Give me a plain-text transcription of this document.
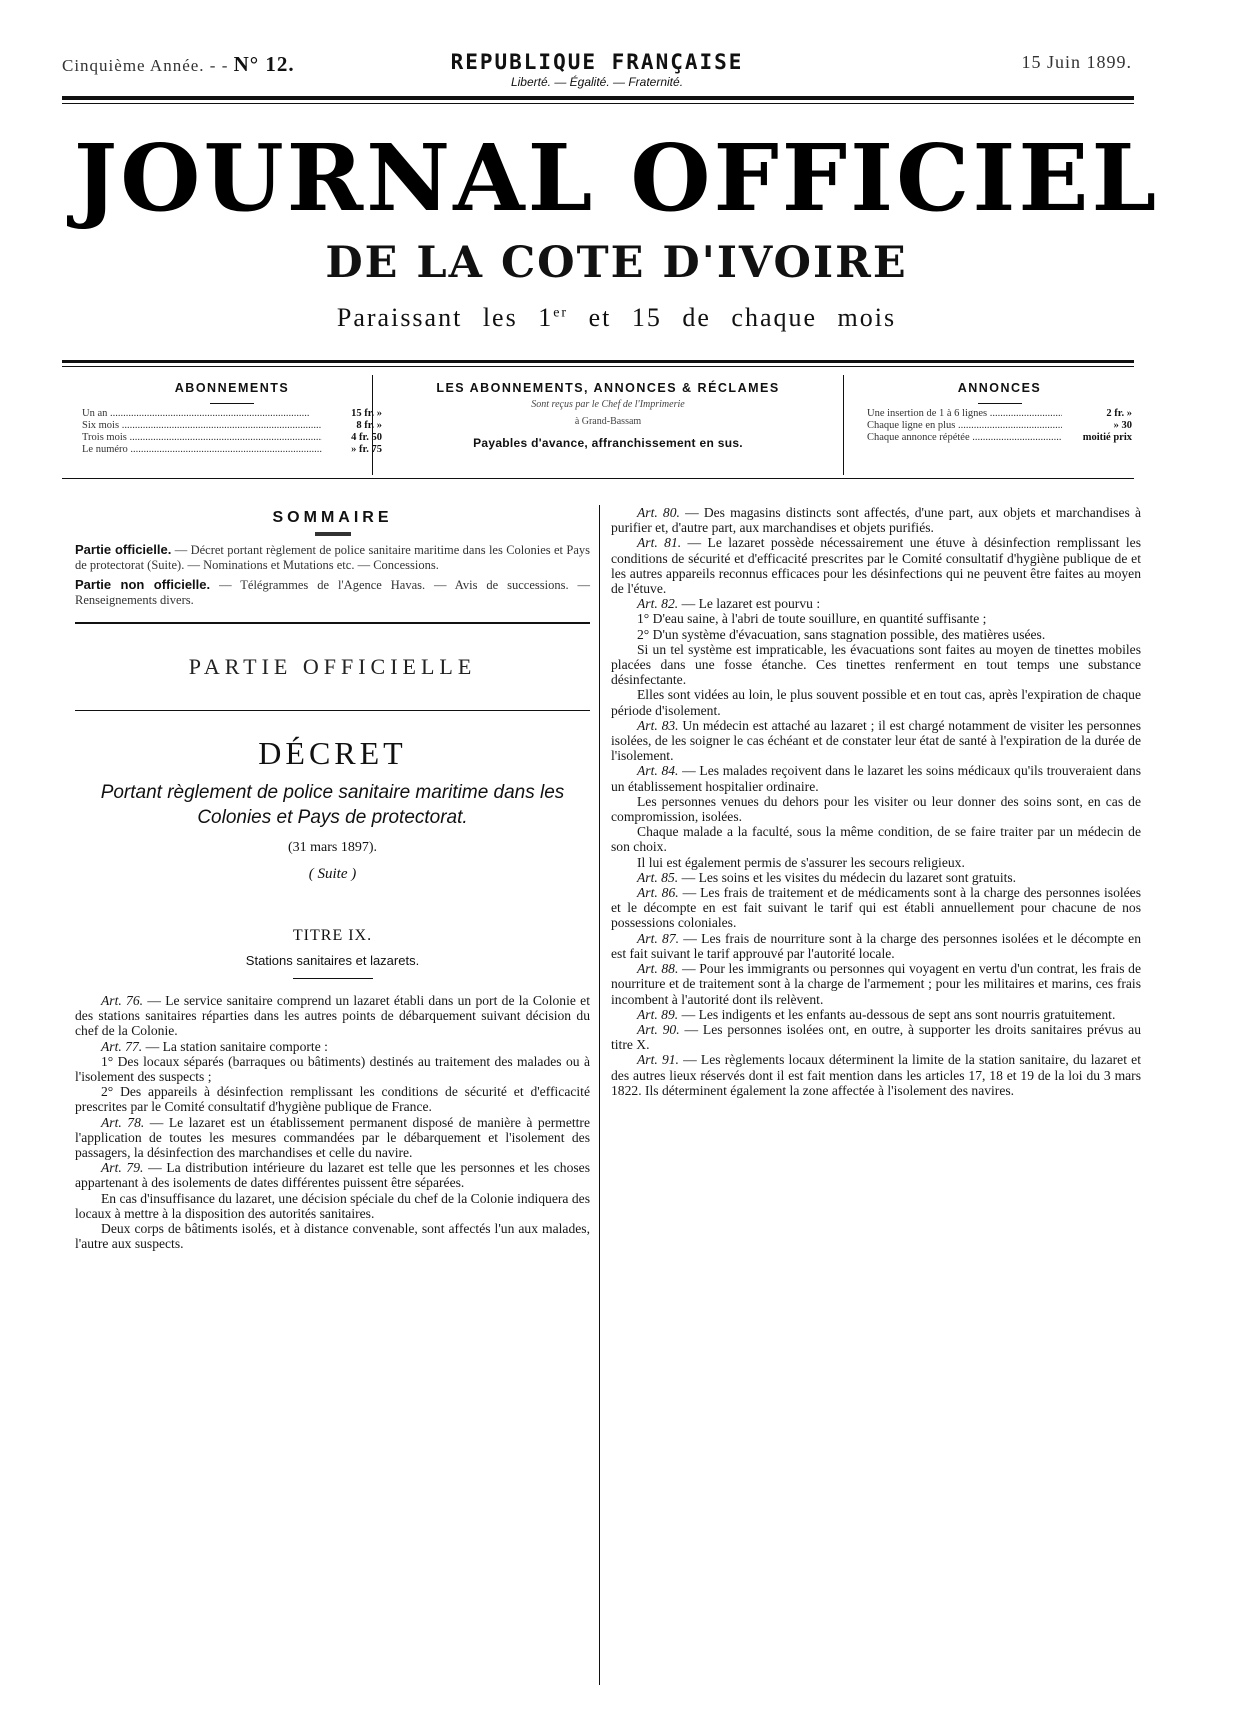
Cinquième Année. - - N° 12.	REPUBLIQUE FRANÇAISE
Liberté. — Égalité. — Fraternité.
15 Juin 1899.
JOURNAL OFFICIEL
DE LA COTE D'IVOIRE
Paraissant les 1er et 15 de chaque mois
ABONNEMENTS
Un an .....	15 fr. »
Six mois .....	8 fr. »
Trois mois .....	4 fr. 50
Le numéro .....	» fr. 75
LES ABONNEMENTS, ANNONCES & RÉCLAMES
Sont reçus par le Chef de l'Imprimerie
à Grand-Bassam
Payables d'avance, affranchissement en sus.
ANNONCES
Une insertion de 1 à 6 lignes .....	2 fr. »
Chaque ligne en plus .....	» 30
Chaque annonce répétée .....	moitié prix
SOMMAIRE

Partie officielle. — Décret portant règlement de police sanitaire maritime dans les Colonies et Pays de protectorat (Suite). — Nominations et Mutations etc. — Concessions.

Partie non officielle. — Télégrammes de l'Agence Havas. — Avis de successions. — Renseignements divers.

PARTIE OFFICIELLE
DÉCRET
Portant règlement de police sanitaire maritime dans les Colonies et Pays de protectorat.
(31 mars 1897).
( Suite )
TITRE IX.
Stations sanitaires et lazarets.

Art. 76. — Le service sanitaire comprend un lazaret établi dans un port de la Colonie et des stations sanitaires réparties dans les autres points de débarquement suivant décision du chef de la Colonie.

Art. 77. — La station sanitaire comporte :

1° Des locaux séparés (barraques ou bâtiments) destinés au traitement des malades ou à l'isolement des suspects ;

2° Des appareils à désinfection remplissant les conditions de sécurité et d'efficacité prescrites par le Comité consultatif d'hygiène publique de France.

Art. 78. — Le lazaret est un établissement permanent disposé de manière à permettre l'application de toutes les mesures commandées par le débarquement et l'isolement des passagers, la désinfection des marchandises et celle du navire.

Art. 79. — La distribution intérieure du lazaret est telle que les personnes et les choses appartenant à des isolements de dates différentes puissent être séparées.

En cas d'insuffisance du lazaret, une décision spéciale du chef de la Colonie indiquera des locaux à mettre à la disposition des autorités sanitaires.

Deux corps de bâtiments isolés, et à distance convenable, sont affectés l'un aux malades, l'autre aux suspects.

Art. 80. — Des magasins distincts sont affectés, d'une part, aux objets et marchandises à purifier et, d'autre part, aux marchandises et objets purifiés.

Art. 81. — Le lazaret possède nécessairement une étuve à désinfection remplissant les conditions de sécurité et d'efficacité prescrites par le Comité consultatif d'hygiène publique de et les autres appareils reconnus efficaces pour les désinfections qui ne peuvent être faites au moyen de l'étuve.

Art. 82. — Le lazaret est pourvu :

1° D'eau saine, à l'abri de toute souillure, en quantité suffisante ;

2° D'un système d'évacuation, sans stagnation possible, des matières usées.

Si un tel système est impraticable, les évacuations sont faites au moyen de tinettes mobiles placées dans une fosse étanche. Ces tinettes renferment en tout temps une substance désinfectante.

Elles sont vidées au loin, le plus souvent possible et en tout cas, après l'expiration de chaque période d'isolement.

Art. 83. Un médecin est attaché au lazaret ; il est chargé notamment de visiter les personnes isolées, de les soigner le cas échéant et de constater leur état de santé à l'expiration de la durée de l'isolement.

Art. 84. — Les malades reçoivent dans le lazaret les soins médicaux qu'ils trouveraient dans un établissement hospitalier ordinaire.

Les personnes venues du dehors pour les visiter ou leur donner des soins sont, en cas de compromission, isolées.

Chaque malade a la faculté, sous la même condition, de se faire traiter par un médecin de son choix.

Il lui est également permis de s'assurer les secours religieux.

Art. 85. — Les soins et les visites du médecin du lazaret sont gratuits.

Art. 86. — Les frais de traitement et de médicaments sont à la charge des personnes isolées et le décompte en est fait suivant le tarif qui est établi annuellement pour chacune de nos possessions coloniales.

Art. 87. — Les frais de nourriture sont à la charge des personnes isolées et le décompte en est fait suivant le tarif approuvé par l'autorité locale.

Art. 88. — Pour les immigrants ou personnes qui voyagent en vertu d'un contrat, les frais de nourriture et de traitement sont à la charge de l'armement ; pour les militaires et marins, ces frais incombent à l'autorité dont ils relèvent.

Art. 89. — Les indigents et les enfants au-dessous de sept ans sont nourris gratuitement.

Art. 90. — Les personnes isolées ont, en outre, à supporter les droits sanitaires prévus au titre X.

Art. 91. — Les règlements locaux déterminent la limite de la station sanitaire, du lazaret et des autres lieux réservés dont il est fait mention dans les articles 17, 18 et 19 de la loi du 3 mars 1822. Ils déterminent également la zone affectée à l'isolement des navires.
